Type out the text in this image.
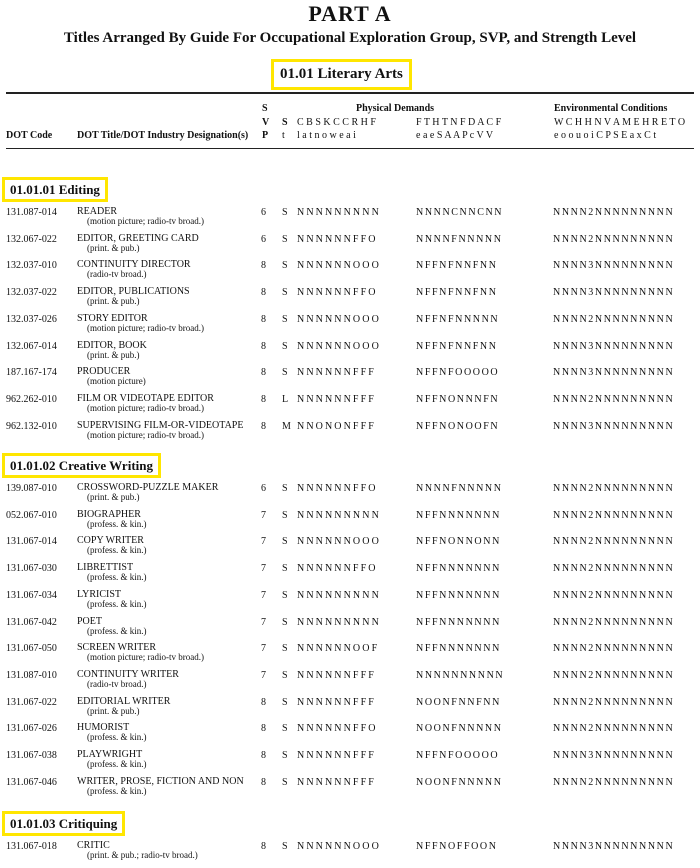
PART A
Titles Arranged By Guide For Occupational Exploration Group, SVP, and Strength Level
01.01 Literary Arts
S
V
P
S
t
Physical Demands
C B S K C C R H F
l a t n o w e a i
F T H T N F D A C F
e a e S A A P c V V
Environmental Conditions
W C H H N V A M E H R E T O
e o o u o i C P S E a x C t
DOT Code DOT Title/DOT Industry Designation(s)
01.01.01 Editing
131.087-014 READER
(motion picture; radio-tv broad.)
6 S NNNNNNNNN	NNNNCNNCNN	NNNN2NNNNNNNNN
132.067-022 EDITOR, GREETING CARD
(print. & pub.)
6 S NNNNNNFFO	NNNNFNNNNN	NNNN2NNNNNNNNN
132.037-010 CONTINUITY DIRECTOR
(radio-tv broad.)
8 S NNNNNNOOO	NFFNFNNFNN	NNNN3NNNNNNNNN
132.037-022 EDITOR, PUBLICATIONS
(print. & pub.)
8 S NNNNNNFFO	NFFNFNNFNN	NNNN3NNNNNNNNN
132.037-026 STORY EDITOR
(motion picture; radio-tv broad.)
8 S NNNNNNOOO	NFFNFNNNNN	NNNN2NNNNNNNNN
132.067-014 EDITOR, BOOK
(print. & pub.)
8 S NNNNNNOOO	NFFNFNNFNN	NNNN3NNNNNNNNN
187.167-174 PRODUCER
(motion picture)
8 S NNNNNNFFF	NFFNFOOOOO	NNNN3NNNNNNNNN
962.262-010 FILM OR VIDEOTAPE EDITOR
(motion picture; radio-tv broad.)
8 L NNNNNNFFF	NFFNONNNFN	NNNN2NNNNNNNNN
962.132-010 SUPERVISING FILM-OR-VIDEOTAPE
(motion picture; radio-tv broad.)
8 M NNONONFFF	NFFNONOOFN	NNNN3NNNNNNNNN
01.01.02 Creative Writing
139.087-010 CROSSWORD-PUZZLE MAKER
(print. & pub.)
6 S NNNNNNFFO	NNNNFNNNNN	NNNN2NNNNNNNNN
052.067-010 BIOGRAPHER
(profess. & kin.)
7 S NNNNNNNNN	NFFNNNNNNN	NNNN2NNNNNNNNN
131.067-014 COPY WRITER
(profess. & kin.)
7 S NNNNNNOOO	NFFNONNONN	NNNN2NNNNNNNNN
131.067-030 LIBRETTIST
(profess. & kin.)
7 S NNNNNNFFO	NFFNNNNNNN	NNNN2NNNNNNNNN
131.067-034 LYRICIST
(profess. & kin.)
7 S NNNNNNNNN	NFFNNNNNNN	NNNN2NNNNNNNNN
131.067-042 POET
(profess. & kin.)
7 S NNNNNNNNN	NFFNNNNNNN	NNNN2NNNNNNNNN
131.067-050 SCREEN WRITER
(motion picture; radio-tv broad.)
7 S NNNNNNOOF	NFFNNNNNNN	NNNN2NNNNNNNNN
131.087-010 CONTINUITY WRITER
(radio-tv broad.)
7 S NNNNNNFFF	NNNNNNNNNN	NNNN2NNNNNNNNN
131.067-022 EDITORIAL WRITER
(print. & pub.)
8 S NNNNNNFFF	NOONFNNFNN	NNNN2NNNNNNNNN
131.067-026 HUMORIST
(profess. & kin.)
8 S NNNNNNFFO	NOONFNNNNN	NNNN2NNNNNNNNN
131.067-038 PLAYWRIGHT
(profess. & kin.)
8 S NNNNNNFFF	NFFNFOOOOO	NNNN3NNNNNNNNN
131.067-046 WRITER, PROSE, FICTION AND NON
(profess. & kin.)
8 S NNNNNNFFF	NOONFNNNNN	NNNN2NNNNNNNNN
01.01.03 Critiquing
131.067-018 CRITIC
(print. & pub.; radio-tv broad.)
8 S NNNNNNOOO	NFFNOFFOON	NNNN3NNNNNNNNN
